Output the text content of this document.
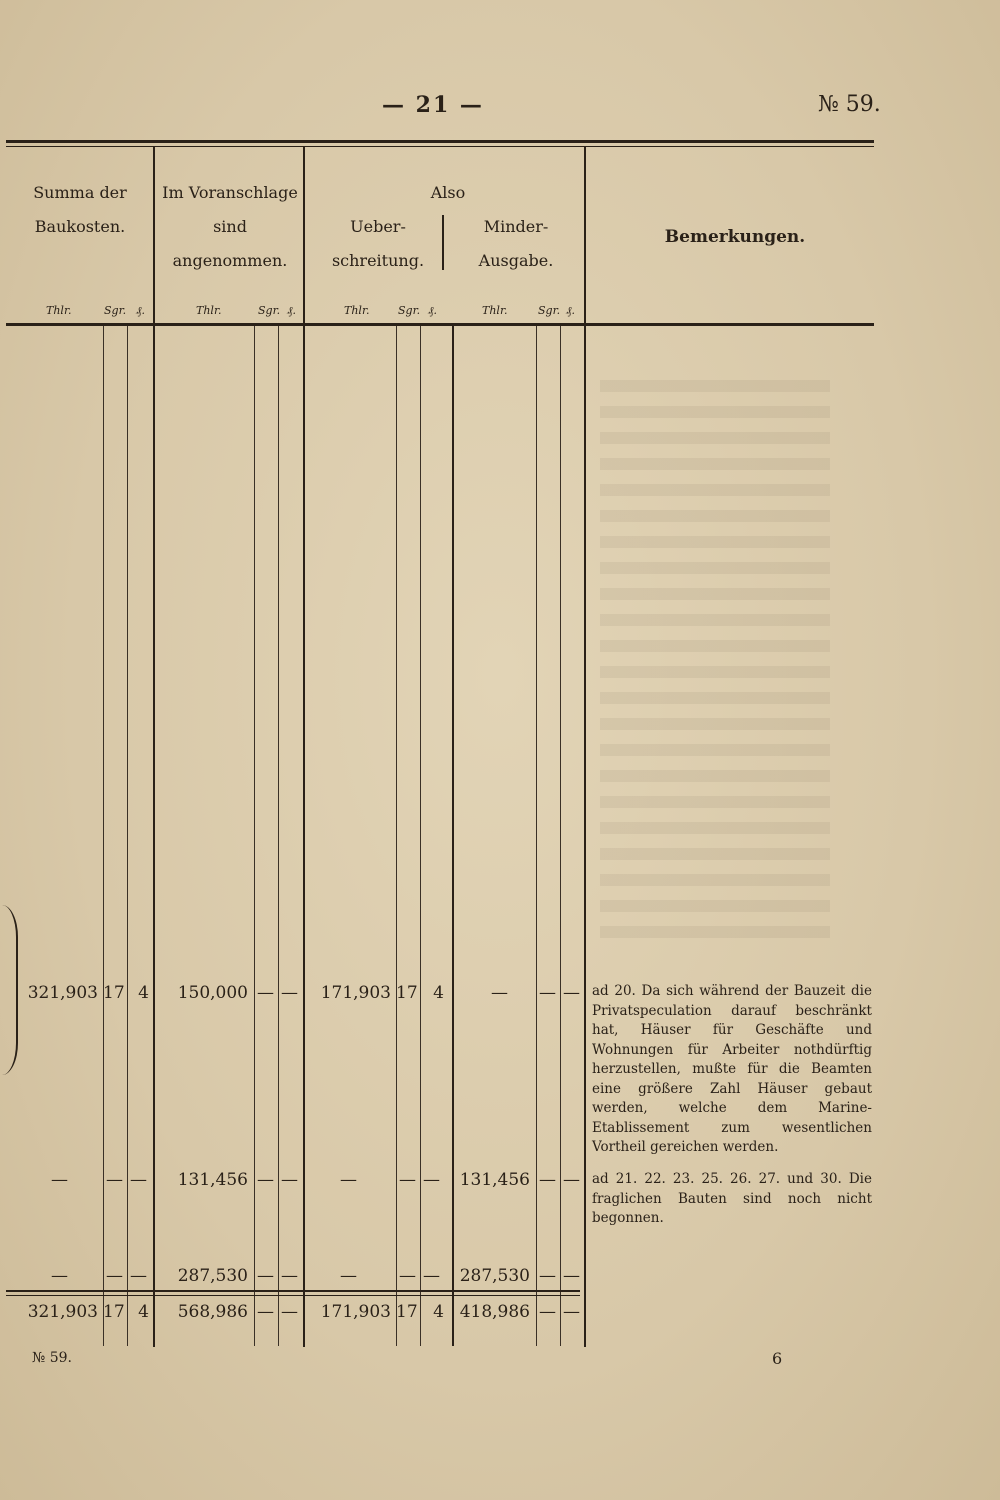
— 21 —	№ 59.
Summa der Baukosten.
Im Voranschlage sind angenommen.
Also
Ueber- schreitung.
Minder- Ausgabe.
Bemerkungen.
Thlr.	Sgr. ₰.	Thlr.	Sgr. ₰.	Thlr.	Sgr. ₰.	Thlr.	Sgr. ₰.
321,903 17 4	150,000 — —	171,903 17 4	— — —
— — —	131,456 — —	— — — 131,456 — —
— — —	287,530 — —	— — — 287,530 — —
321,903 17 4	568,986 — —	171,903 17 4 418,986 — —
ad 20. Da sich während der Bauzeit die Privatspeculation darauf beschränkt hat, Häuser für Geschäfte und Wohnungen für Arbeiter nothdürftig herzustellen, mußte für die Beamten eine größere Zahl Häuser gebaut werden, welche dem Marine-Etablissement zum wesentlichen Vortheil gereichen werden.
ad 21. 22. 23. 25. 26. 27. und 30. Die fraglichen Bauten sind noch nicht begonnen.
№ 59.	6
